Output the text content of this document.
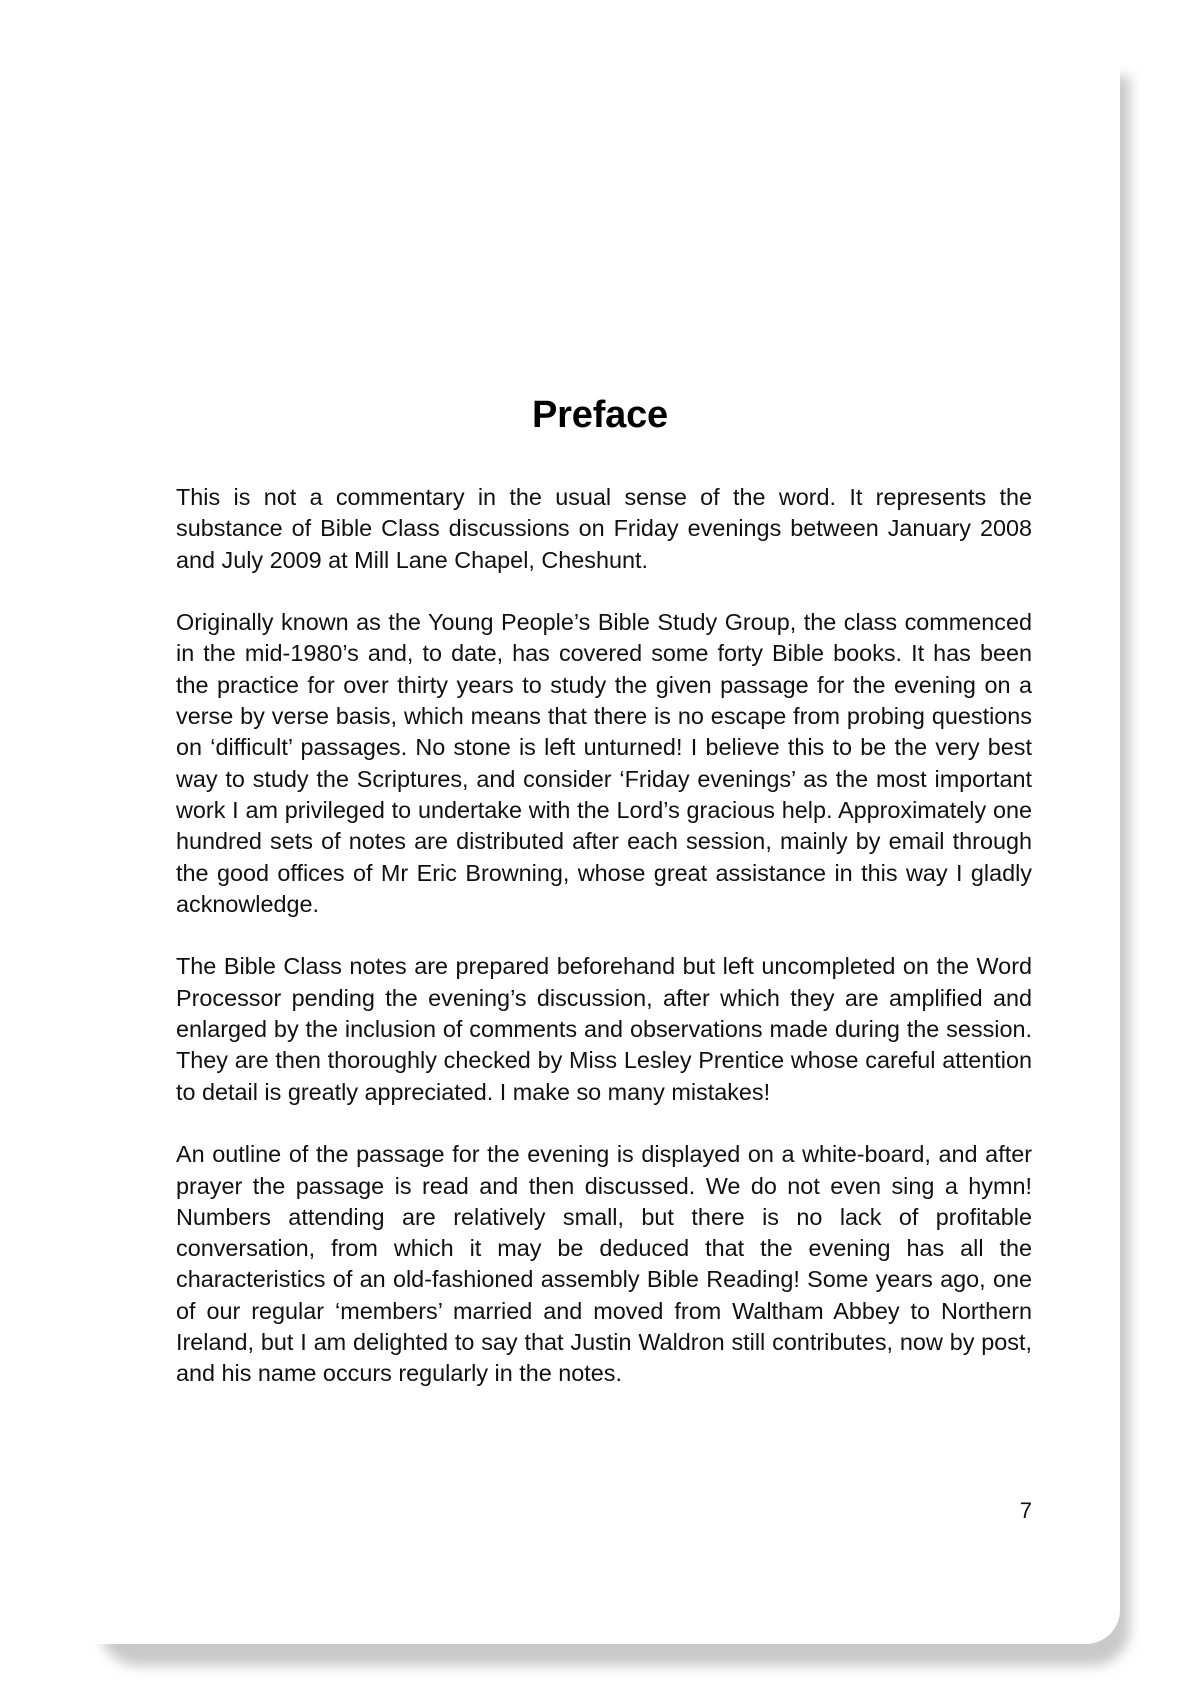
Preface

This is not a commentary in the usual sense of the word. It represents the substance of Bible Class discussions on Friday evenings between January 2008 and July 2009 at Mill Lane Chapel, Cheshunt.

Originally known as the Young People’s Bible Study Group, the class commenced in the mid-1980’s and, to date, has covered some forty Bible books. It has been the practice for over thirty years to study the given passage for the evening on a verse by verse basis, which means that there is no escape from probing questions on ‘difficult’ passages. No stone is left unturned! I believe this to be the very best way to study the Scriptures, and consider ‘Friday evenings’ as the most important work I am privileged to undertake with the Lord’s gracious help. Approximately one hundred sets of notes are distributed after each session, mainly by email through the good offices of Mr Eric Browning, whose great assistance in this way I gladly acknowledge.

The Bible Class notes are prepared beforehand but left uncompleted on the Word Processor pending the evening’s discussion, after which they are amplified and enlarged by the inclusion of comments and observations made during the session. They are then thoroughly checked by Miss Lesley Prentice whose careful attention to detail is greatly appreciated. I make so many mistakes!

An outline of the passage for the evening is displayed on a white-board, and after prayer the passage is read and then discussed. We do not even sing a hymn! Numbers attending are relatively small, but there is no lack of profitable conversation, from which it may be deduced that the evening has all the characteristics of an old-fashioned assembly Bible Reading! Some years ago, one of our regular ‘members’ married and moved from Waltham Abbey to Northern Ireland, but I am delighted to say that Justin Waldron still contributes, now by post, and his name occurs regularly in the notes.

7
